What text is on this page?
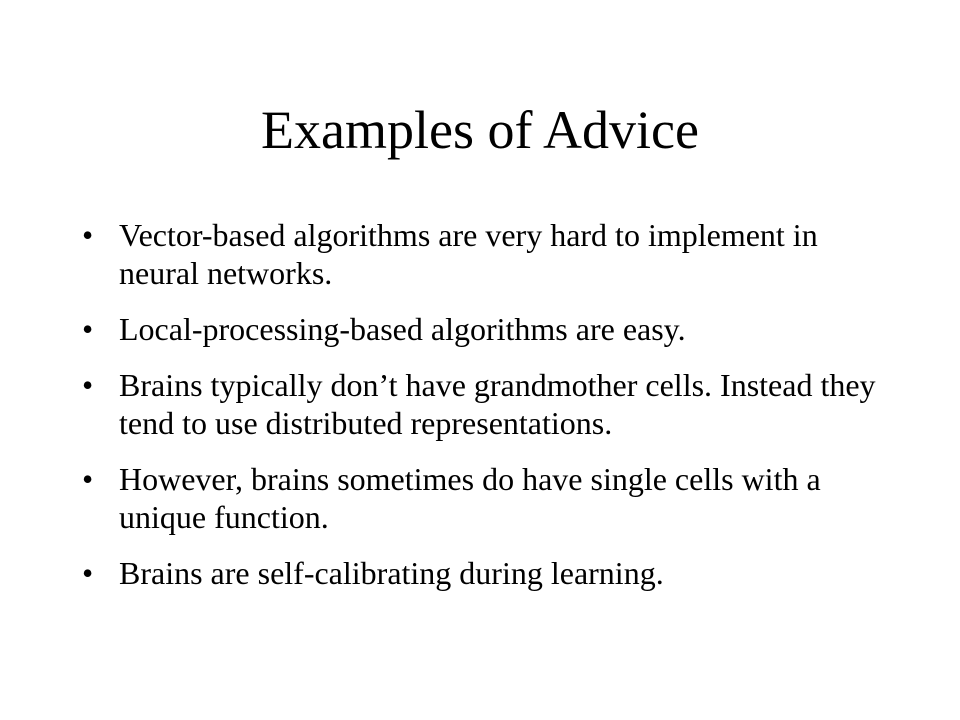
Examples of Advice
• Vector-based algorithms are very hard to implement in neural networks.
• Local-processing-based algorithms are easy.
• Brains typically don’t have grandmother cells. Instead they tend to use distributed representations.
• However, brains sometimes do have single cells with a unique function.
• Brains are self-calibrating during learning.
